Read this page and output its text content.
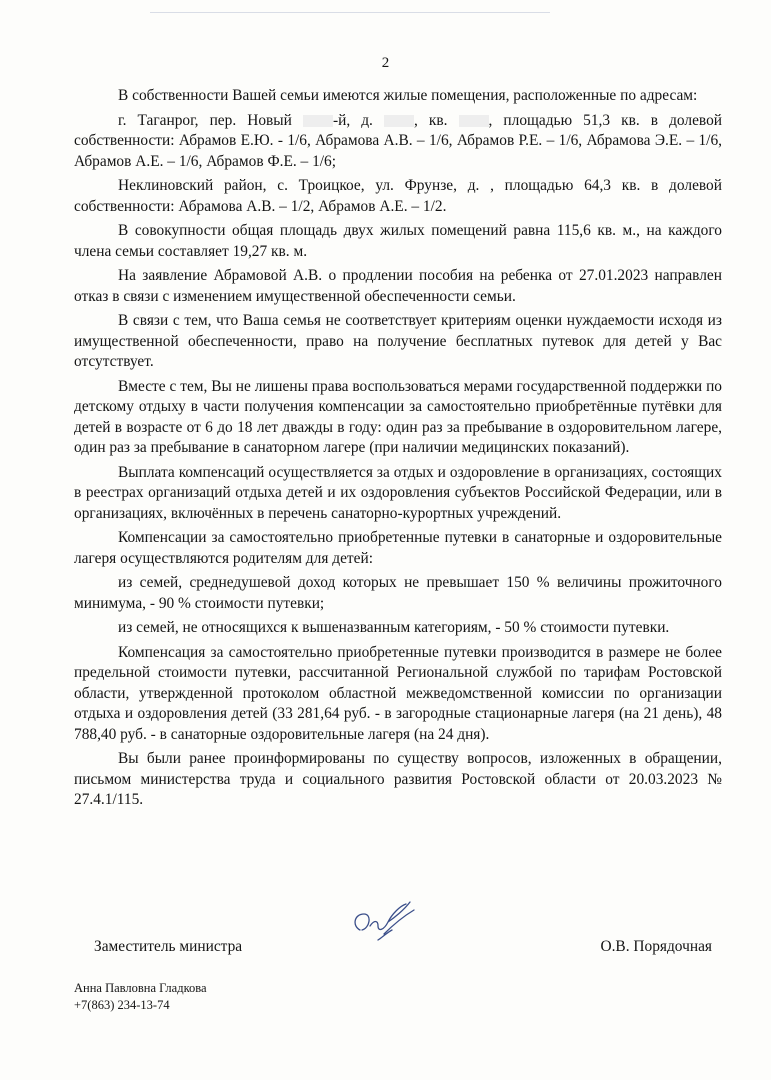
2

В собственности Вашей семьи имеются жилые помещения, расположенные по адресам:

г. Таганрог, пер. Новый	-й, д.	, кв.	, площадью 51,3 кв. в долевой собственности: Абрамов Е.Ю. - 1/6, Абрамова А.В. – 1/6, Абрамов Р.Е. – 1/6, Абрамова Э.Е. – 1/6, Абрамов А.Е. – 1/6, Абрамов Ф.Е. – 1/6;

Неклиновский район, с. Троицкое, ул. Фрунзе, д. , площадью 64,3 кв. в долевой собственности: Абрамова А.В. – 1/2, Абрамов А.Е. – 1/2.

В совокупности общая площадь двух жилых помещений равна 115,6 кв. м., на каждого члена семьи составляет 19,27 кв. м.

На заявление Абрамовой А.В. о продлении пособия на ребенка от 27.01.2023 направлен отказ в связи с изменением имущественной обеспеченности семьи.

В связи с тем, что Ваша семья не соответствует критериям оценки нуждаемости исходя из имущественной обеспеченности, право на получение бесплатных путевок для детей у Вас отсутствует.

Вместе с тем, Вы не лишены права воспользоваться мерами государственной поддержки по детскому отдыху в части получения компенсации за самостоятельно приобретённые путёвки для детей в возрасте от 6 до 18 лет дважды в году: один раз за пребывание в оздоровительном лагере, один раз за пребывание в санаторном лагере (при наличии медицинских показаний).

Выплата компенсаций осуществляется за отдых и оздоровление в организациях, состоящих в реестрах организаций отдыха детей и их оздоровления субъектов Российской Федерации, или в организациях, включённых в перечень санаторно-курортных учреждений.

Компенсации за самостоятельно приобретенные путевки в санаторные и оздоровительные лагеря осуществляются родителям для детей:

из семей, среднедушевой доход которых не превышает 150 % величины прожиточного минимума, - 90 % стоимости путевки;

из семей, не относящихся к вышеназванным категориям, - 50 % стоимости путевки.

Компенсация за самостоятельно приобретенные путевки производится в размере не более предельной стоимости путевки, рассчитанной Региональной службой по тарифам Ростовской области, утвержденной протоколом областной межведомственной комиссии по организации отдыха и оздоровления детей (33 281,64 руб. - в загородные стационарные лагеря (на 21 день), 48 788,40 руб. - в санаторные оздоровительные лагеря (на 24 дня).

Вы были ранее проинформированы по существу вопросов, изложенных в обращении, письмом министерства труда и социального развития Ростовской области от 20.03.2023 № 27.4.1/115.

Заместитель министра	О.В. Порядочная
Анна Павловна Гладкова
+7(863) 234-13-74
